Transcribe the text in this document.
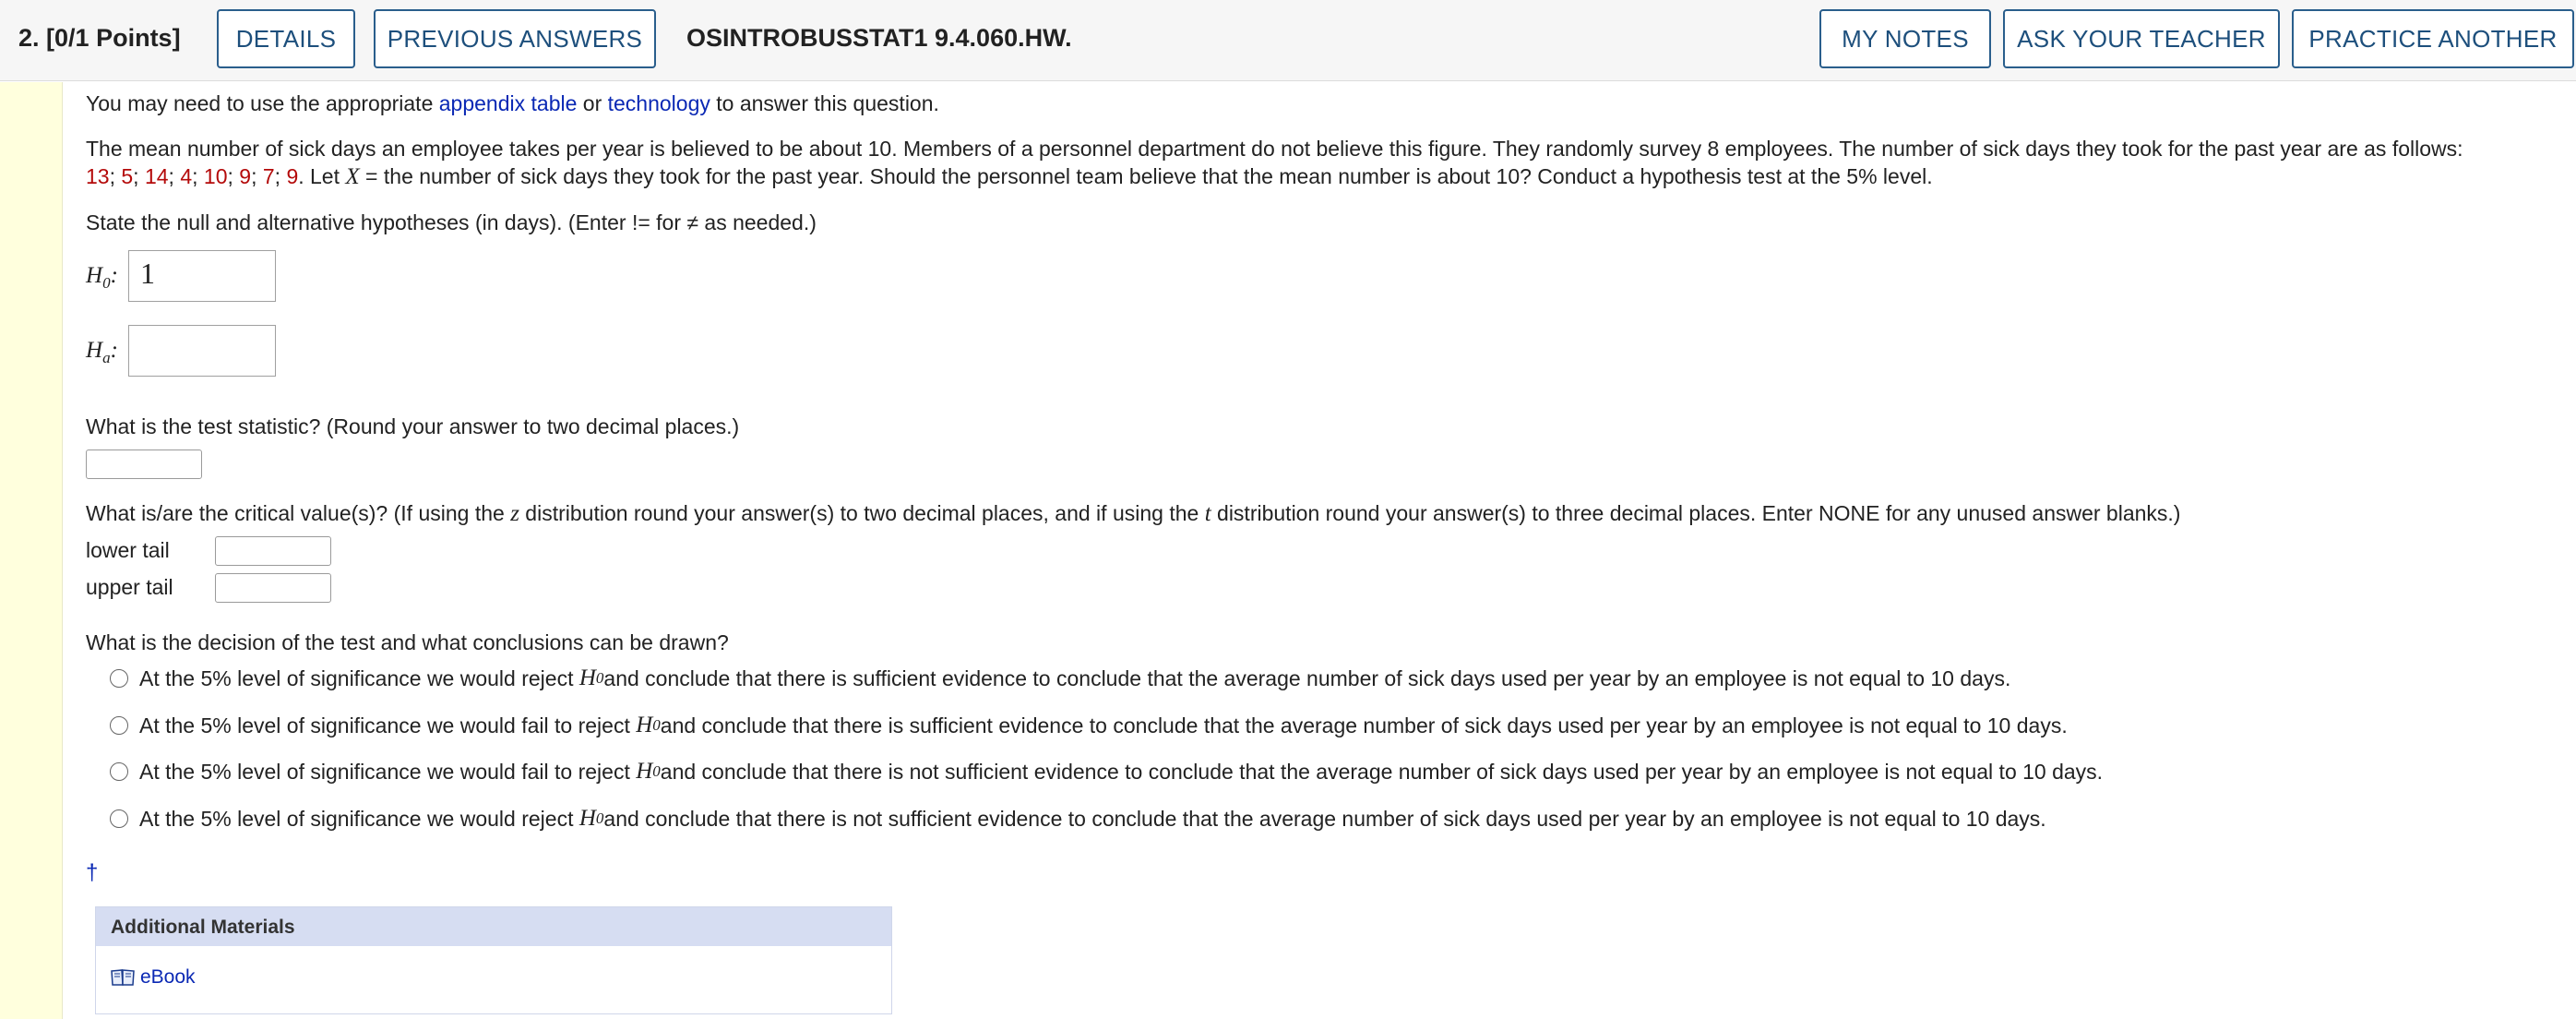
2. [0/1 Points]	DETAILS	PREVIOUS ANSWERS	OSINTROBUSSTAT1 9.4.060.HW.	MY NOTES	ASK YOUR TEACHER	PRACTICE ANOTHER
You may need to use the appropriate appendix table or technology to answer this question.
The mean number of sick days an employee takes per year is believed to be about 10. Members of a personnel department do not believe this figure. They randomly survey 8 employees. The number of sick days they took for the past year are as follows:
13; 5; 14; 4; 10; 9; 7; 9. Let X = the number of sick days they took for the past year. Should the personnel team believe that the mean number is about 10? Conduct a hypothesis test at the 5% level.
State the null and alternative hypotheses (in days). (Enter != for ≠ as needed.)
$H_0$: 1
$H_a$:
What is the test statistic? (Round your answer to two decimal places.)
What is/are the critical value(s)? (If using the z distribution round your answer(s) to two decimal places, and if using the t distribution round your answer(s) to three decimal places. Enter NONE for any unused answer blanks.)
lower tail
upper tail
What is the decision of the test and what conclusions can be drawn?
At the 5% level of significance we would reject
H 0 and conclude that there is sufficient evidence to conclude that the average number of sick days used per year by an employee is not equal to 10 days.
At the 5% level of significance we would fail to reject
H 0 and conclude that there is sufficient evidence to conclude that the average number of sick days used per year by an employee is not equal to 10 days.
At the 5% level of significance we would fail to reject
H 0 and conclude that there is not sufficient evidence to conclude that the average number of sick days used per year by an employee is not equal to 10 days.
At the 5% level of significance we would reject
H 0 and conclude that there is not sufficient evidence to conclude that the average number of sick days used per year by an employee is not equal to 10 days.
†
Additional Materials
eBook
